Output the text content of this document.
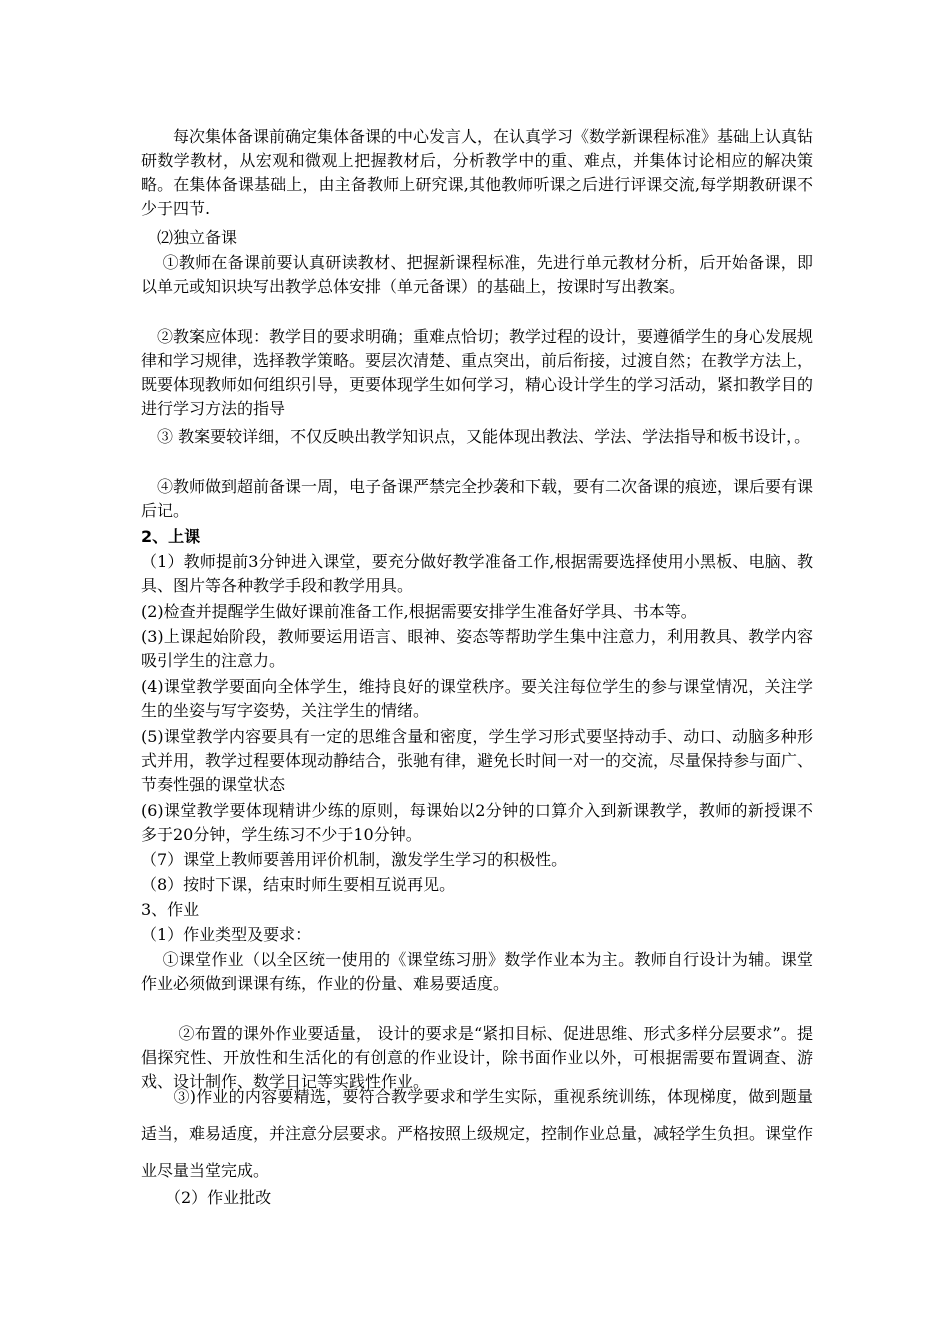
　　每次集体备课前确定集体备课的中心发言人，在认真学习《数学新课程标准》基础上认真钻研数学教材，从宏观和微观上把握教材后，分析教学中的重、难点，并集体讨论相应的解决策略。在集体备课基础上，由主备教师上研究课,其他教师听课之后进行评课交流,每学期教研课不少于四节.

　⑵独立备课

　 ①教师在备课前要认真研读教材、把握新课程标准，先进行单元教材分析，后开始备课，即以单元或知识块写出教学总体安排（单元备课）的基础上，按课时写出教案。

　②教案应体现：教学目的要求明确；重难点恰切；教学过程的设计，要遵循学生的身心发展规律和学习规律，选择教学策略。要层次清楚、重点突出，前后衔接，过渡自然；在教学方法上，既要体现教师如何组织引导，更要体现学生如何学习，精心设计学生的学习活动，紧扣教学目的进行学习方法的指导

　③ 教案要较详细，不仅反映出教学知识点，又能体现出教法、学法、学法指导和板书设计，。

　④教师做到超前备课一周，电子备课严禁完全抄袭和下载，要有二次备课的痕迹，课后要有课后记。

2、上课

（1）教师提前3分钟进入课堂，要充分做好教学准备工作,根据需要选择使用小黑板、电脑、教具、图片等各种教学手段和教学用具。

(2)检查并提醒学生做好课前准备工作,根据需要安排学生准备好学具、书本等。

(3)上课起始阶段，教师要运用语言、眼神、姿态等帮助学生集中注意力，利用教具、教学内容吸引学生的注意力。

(4)课堂教学要面向全体学生，维持良好的课堂秩序。要关注每位学生的参与课堂情况，关注学生的坐姿与写字姿势，关注学生的情绪。

(5)课堂教学内容要具有一定的思维含量和密度，学生学习形式要坚持动手、动口、动脑多种形式并用，教学过程要体现动静结合，张驰有律，避免长时间一对一的交流，尽量保持参与面广、节奏性强的课堂状态

(6)课堂教学要体现精讲少练的原则，每课始以2分钟的口算介入到新课教学，教师的新授课不多于20分钟，学生练习不少于10分钟。

（7）课堂上教师要善用评价机制，激发学生学习的积极性。

（8）按时下课，结束时师生要相互说再见。

3、作业

（1）作业类型及要求：

　 ①课堂作业（以全区统一使用的《课堂练习册》数学作业本为主。教师自行设计为辅。课堂作业必须做到课课有练，作业的份量、难易要适度。

　　 ②布置的课外作业要适量， 设计的要求是“紧扣目标、促进思维、形式多样分层要求”。提倡探究性、开放性和生活化的有创意的作业设计，除书面作业以外，可根据需要布置调查、游戏、设计制作、数学日记等实践性作业。

　　③)作业的内容要精选，要符合教学要求和学生实际，重视系统训练，体现梯度，做到题量适当，难易适度，并注意分层要求。严格按照上级规定，控制作业总量，减轻学生负担。课堂作业尽量当堂完成。

　　（2）作业批改
